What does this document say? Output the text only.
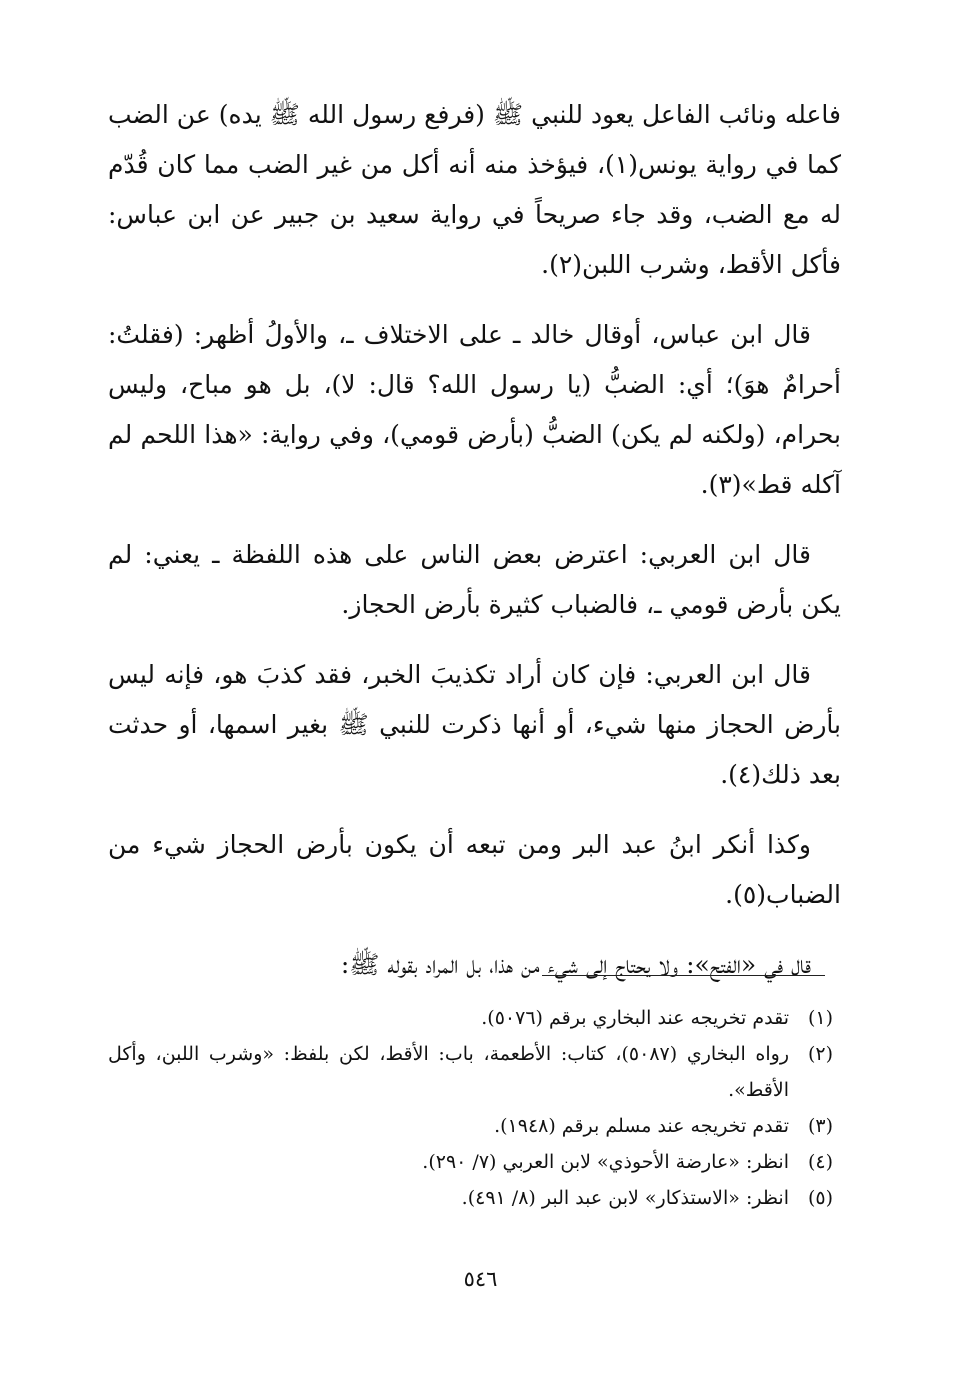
فاعله ونائب الفاعل يعود للنبي ﷺ (فرفع رسول الله ﷺ يده) عن الضب كما في رواية يونس(١)، فيؤخذ منه أنه أكل من غير الضب مما كان قُدّم له مع الضب، وقد جاء صريحاً في رواية سعيد بن جبير عن ابن عباس: فأكل الأقط، وشرب اللبن(٢).

قال ابن عباس، أوقال خالد ـ على الاختلاف ـ، والأولُ أظهر: (فقلتُ: أحرامٌ هوَ)؛ أي: الضبُّ (يا رسول الله؟ قال: لا)، بل هو مباح، وليس بحرام، (ولكنه لم يكن) الضبُّ (بأرض قومي)، وفي رواية: «هذا اللحم لم آكله قط»(٣).

قال ابن العربي: اعترض بعض الناس على هذه اللفظة ـ يعني: لم يكن بأرض قومي ـ، فالضباب كثيرة بأرض الحجاز.

قال ابن العربي: فإن كان أراد تكذيبَ الخبر، فقد كذبَ هو، فإنه ليس بأرض الحجاز منها شيء، أو أنها ذكرت للنبي ﷺ بغير اسمها، أو حدثت بعد ذلك(٤).

وكذا أنكر ابنُ عبد البر ومن تبعه أن يكون بأرض الحجاز شيء من الضباب(٥).

قال في «الفتح»: ولا يحتاج إلى شيء من هذا، بل المراد بقوله ﷺ:

(١)
تقدم تخريجه عند البخاري برقم (٥٠٧٦).
(٢)
رواه البخاري (٥٠٨٧)، كتاب: الأطعمة، باب: الأقط، لكن بلفظ: «وشرب اللبن، وأكل الأقط».
(٣)
تقدم تخريجه عند مسلم برقم (١٩٤٨).
(٤)
انظر: «عارضة الأحوذي» لابن العربي (٧/ ٢٩٠).
(٥)
انظر: «الاستذكار» لابن عبد البر (٨/ ٤٩١).
٥٤٦
